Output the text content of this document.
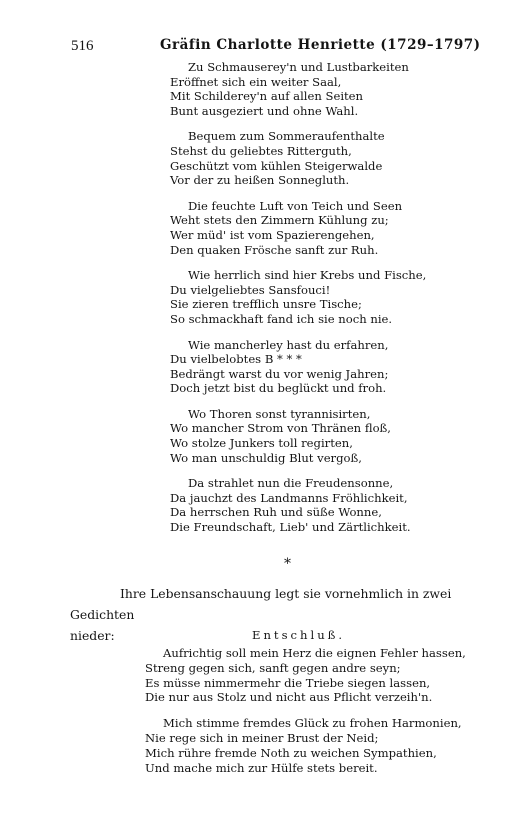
516	Gräfin Charlotte Henriette (1729–1797)
Zu Schmauserey'n und Lustbarkeiten
Eröffnet sich ein weiter Saal,
Mit Schilderey'n auf allen Seiten
Bunt ausgeziert und ohne Wahl.
Bequem zum Sommeraufenthalte
Stehst du geliebtes Ritterguth,
Geschützt vom kühlen Steigerwalde
Vor der zu heißen Sonnegluth.
Die feuchte Luft von Teich und Seen
Weht stets den Zimmern Kühlung zu;
Wer müd' ist vom Spazierengehen,
Den quaken Frösche sanft zur Ruh.
Wie herrlich sind hier Krebs und Fische,
Du vielgeliebtes Sansfouci!
Sie zieren trefflich unsre Tische;
So schmackhaft fand ich sie noch nie.
Wie mancherley hast du erfahren,
Du vielbelobtes B * * *
Bedrängt warst du vor wenig Jahren;
Doch jetzt bist du beglückt und froh.
Wo Thoren sonst tyrannisirten,
Wo mancher Strom von Thränen floß,
Wo stolze Junkers toll regirten,
Wo man unschuldig Blut vergoß,
Da strahlet nun die Freudensonne,
Da jauchzt des Landmanns Fröhlichkeit,
Da herrschen Ruh und süße Wonne,
Die Freundschaft, Lieb' und Zärtlichkeit.
*
Ihre Lebensanschauung legt sie vornehmlich in zwei Gedichten
nieder:	Entschluß.
Aufrichtig soll mein Herz die eignen Fehler hassen,
Streng gegen sich, sanft gegen andre seyn;
Es müsse nimmermehr die Triebe siegen lassen,
Die nur aus Stolz und nicht aus Pflicht verzeih'n.
Mich stimme fremdes Glück zu frohen Harmonien,
Nie rege sich in meiner Brust der Neid;
Mich rühre fremde Noth zu weichen Sympathien,
Und mache mich zur Hülfe stets bereit.
